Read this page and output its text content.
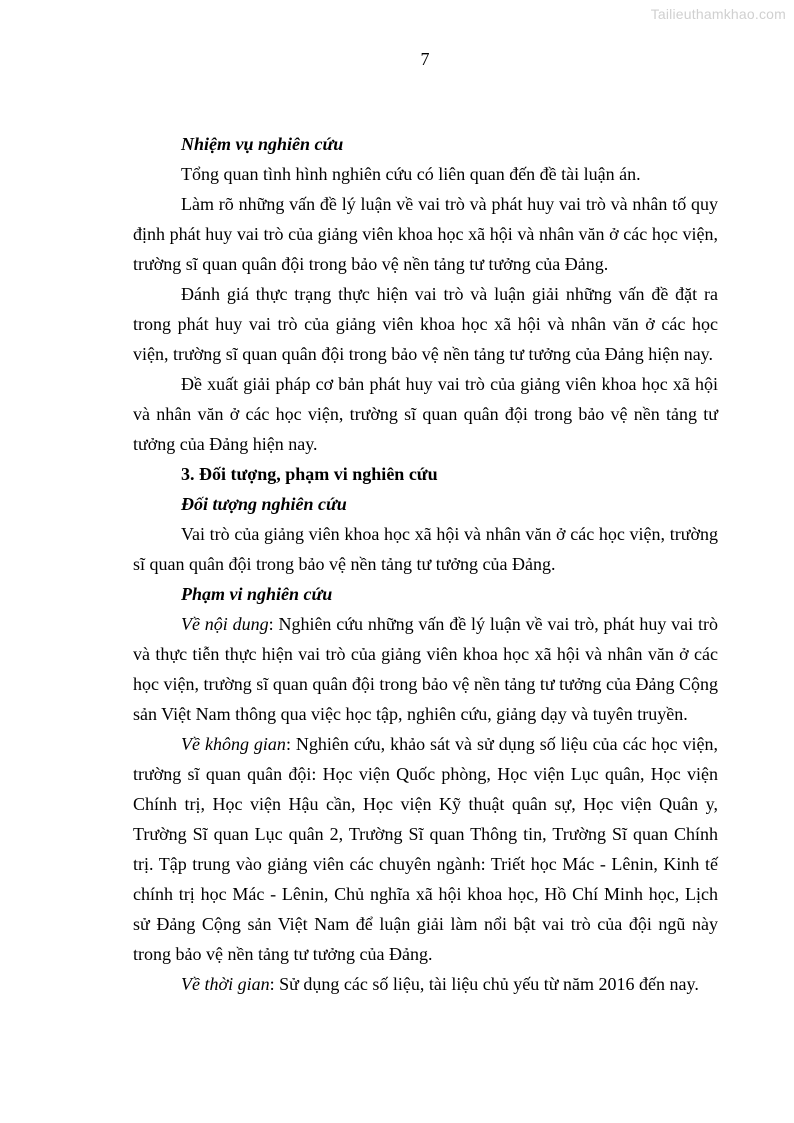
Tailieuthamkhao.com
7

Nhiệm vụ nghiên cứu

Tổng quan tình hình nghiên cứu có liên quan đến đề tài luận án.

Làm rõ những vấn đề lý luận về vai trò và phát huy vai trò và nhân tố quy định phát huy vai trò của giảng viên khoa học xã hội và nhân văn ở các học viện, trường sĩ quan quân đội trong bảo vệ nền tảng tư tưởng của Đảng.

Đánh giá thực trạng thực hiện vai trò và luận giải những vấn đề đặt ra trong phát huy vai trò của giảng viên khoa học xã hội và nhân văn ở các học viện, trường sĩ quan quân đội trong bảo vệ nền tảng tư tưởng của Đảng hiện nay.

Đề xuất giải pháp cơ bản phát huy vai trò của giảng viên khoa học xã hội và nhân văn ở các học viện, trường sĩ quan quân đội trong bảo vệ nền tảng tư tưởng của Đảng hiện nay.

3. Đối tượng, phạm vi nghiên cứu

Đối tượng nghiên cứu

Vai trò của giảng viên khoa học xã hội và nhân văn ở các học viện, trường sĩ quan quân đội trong bảo vệ nền tảng tư tưởng của Đảng.

Phạm vi nghiên cứu

Về nội dung: Nghiên cứu những vấn đề lý luận về vai trò, phát huy vai trò và thực tiễn thực hiện vai trò của giảng viên khoa học xã hội và nhân văn ở các học viện, trường sĩ quan quân đội trong bảo vệ nền tảng tư tưởng của Đảng Cộng sản Việt Nam thông qua việc học tập, nghiên cứu, giảng dạy và tuyên truyền.

Về không gian: Nghiên cứu, khảo sát và sử dụng số liệu của các học viện, trường sĩ quan quân đội: Học viện Quốc phòng, Học viện Lục quân, Học viện Chính trị, Học viện Hậu cần, Học viện Kỹ thuật quân sự, Học viện Quân y, Trường Sĩ quan Lục quân 2, Trường Sĩ quan Thông tin, Trường Sĩ quan Chính trị. Tập trung vào giảng viên các chuyên ngành: Triết học Mác - Lênin, Kinh tế chính trị học Mác - Lênin, Chủ nghĩa xã hội khoa học, Hồ Chí Minh học, Lịch sử Đảng Cộng sản Việt Nam để luận giải làm nổi bật vai trò của đội ngũ này trong bảo vệ nền tảng tư tưởng của Đảng.

Về thời gian: Sử dụng các số liệu, tài liệu chủ yếu từ năm 2016 đến nay.
